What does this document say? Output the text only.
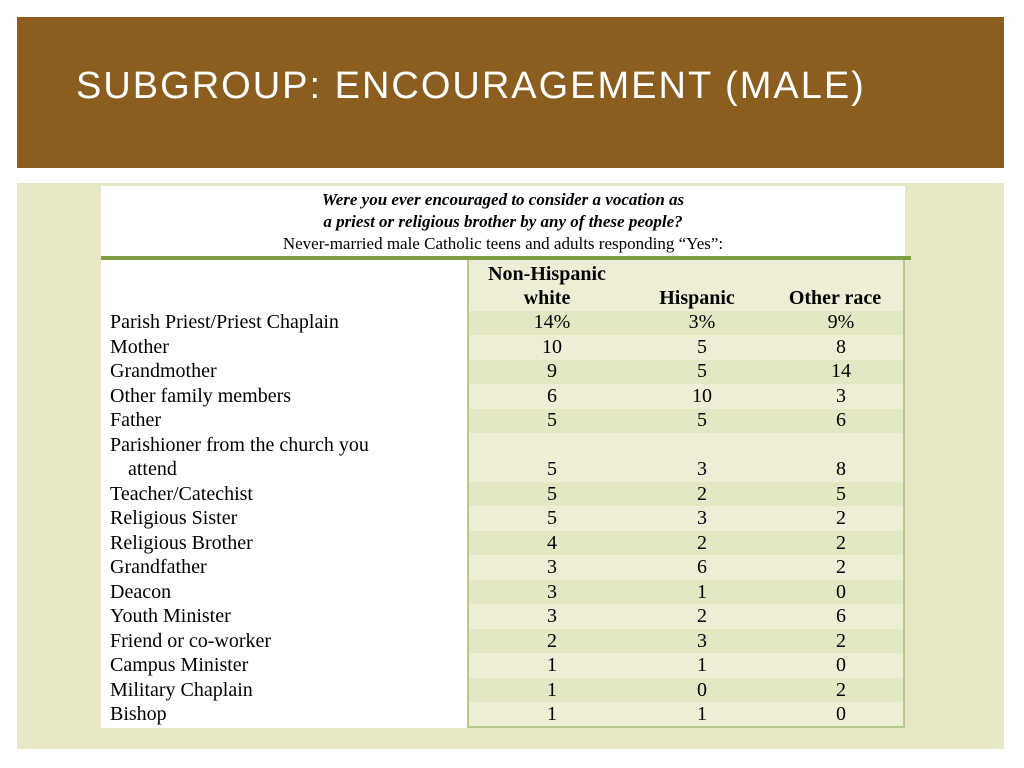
SUBGROUP: ENCOURAGEMENT (MALE)
Were you ever encouraged to consider a vocation as
a priest or religious brother by any of these people?
Never-married male Catholic teens and adults responding “Yes”:
Non-Hispanic
white	Hispanic	Other race
Parish Priest/Priest Chaplain	14%	3%	9%
Mother	10	5	8
Grandmother	9	5	14
Other family members	6	10	3
Father	5	5	6
Parishioner from the church you
attend	5	3	8
Teacher/Catechist	5	2	5
Religious Sister	5	3	2
Religious Brother	4	2	2
Grandfather	3	6	2
Deacon	3	1	0
Youth Minister	3	2	6
Friend or co-worker	2	3	2
Campus Minister	1	1	0
Military Chaplain	1	0	2
Bishop	1	1	0
